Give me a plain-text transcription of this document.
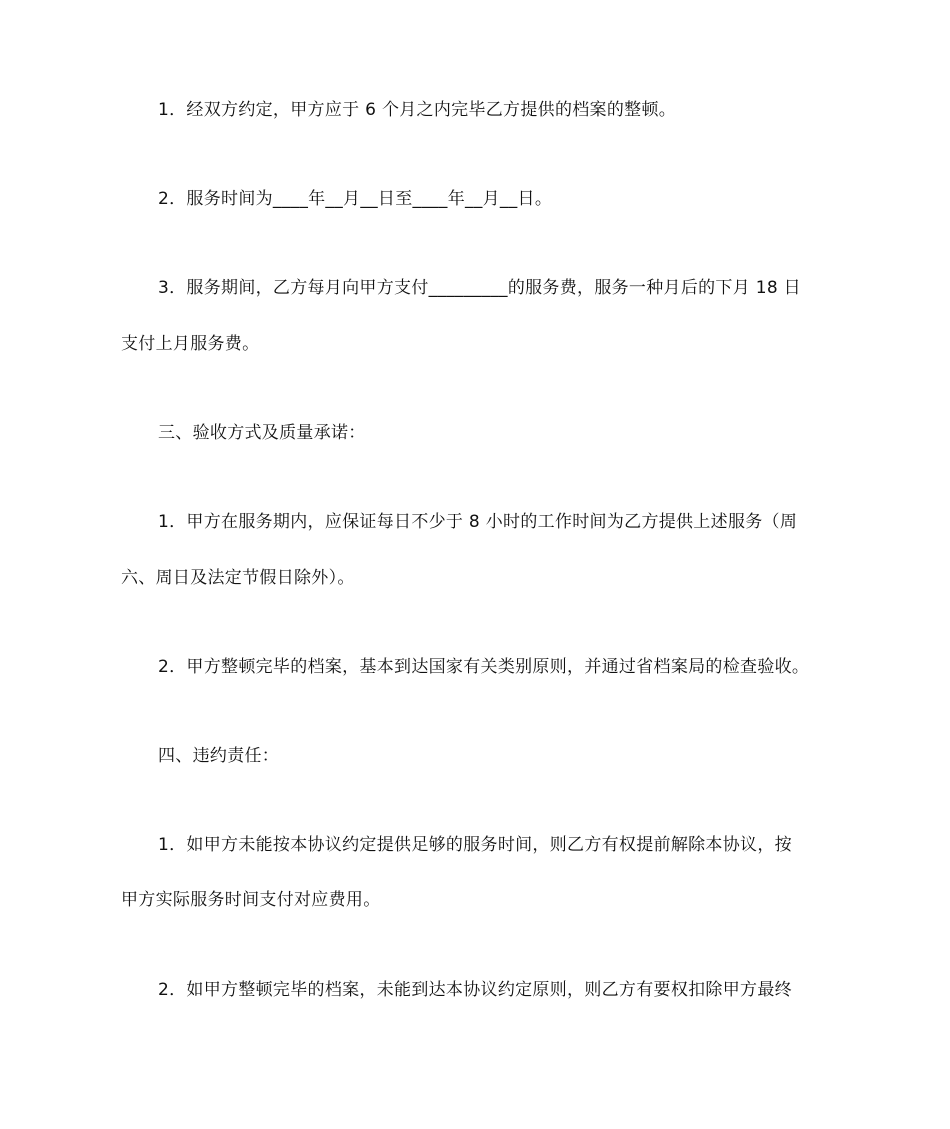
1．经双方约定，甲方应于 6 个月之内完毕乙方提供的档案的整顿。
2．服务时间为____年__月__日至____年__月__日。
3．服务期间，乙方每月向甲方支付_________的服务费，服务一种月后的下月 18 日
支付上月服务费。
三、验收方式及质量承诺：
1．甲方在服务期内，应保证每日不少于 8 小时的工作时间为乙方提供上述服务（周
六、周日及法定节假日除外）。
2．甲方整顿完毕的档案，基本到达国家有关类别原则，并通过省档案局的检查验收。
四、违约责任：
1．如甲方未能按本协议约定提供足够的服务时间，则乙方有权提前解除本协议，按
甲方实际服务时间支付对应费用。
2．如甲方整顿完毕的档案，未能到达本协议约定原则，则乙方有要权扣除甲方最终
